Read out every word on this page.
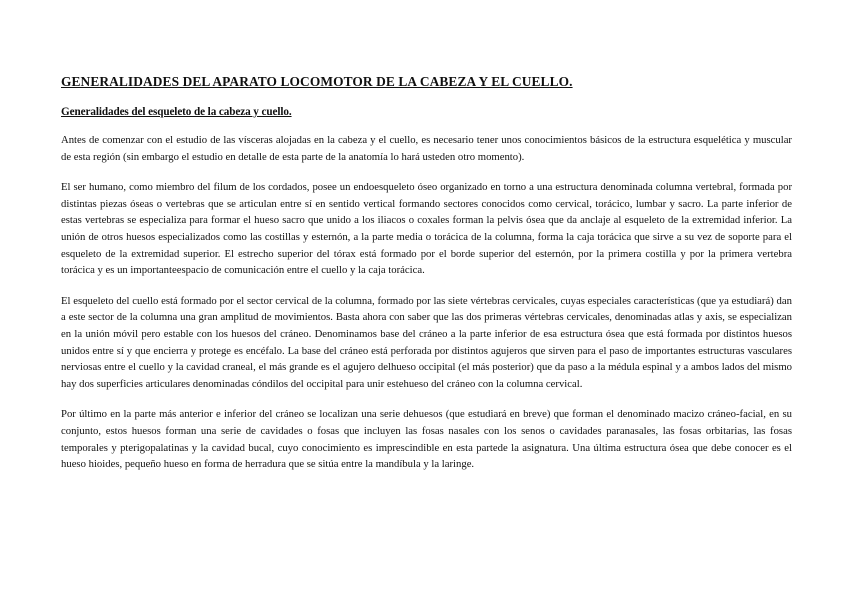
GENERALIDADES DEL APARATO LOCOMOTOR DE LA CABEZA Y EL CUELLO.
Generalidades del esqueleto de la cabeza y cuello.

Antes de comenzar con el estudio de las vísceras alojadas en la cabeza y el cuello, es necesario tener unos conocimientos básicos de la estructura esquelética y muscular de esta región (sin embargo el estudio en detalle de esta parte de la anatomía lo hará usteden otro momento).

El ser humano, como miembro del filum de los cordados, posee un endoesqueleto óseo organizado en torno a una estructura denominada columna vertebral, formada por distintas piezas óseas o vertebras que se articulan entre sí en sentido vertical formando sectores conocidos como cervical, torácico, lumbar y sacro. La parte inferior de estas vertebras se especializa para formar el hueso sacro que unido a los iliacos o coxales forman la pelvis ósea que da anclaje al esqueleto de la extremidad inferior. La unión de otros huesos especializados como las costillas y esternón, a la parte media o torácica de la columna, forma la caja torácica que sirve a su vez de soporte para el esqueleto de la extremidad superior. El estrecho superior del tórax está formado por el borde superior del esternón, por la primera costilla y por la primera vertebra torácica y es un importanteespacio de comunicación entre el cuello y la caja torácica.

El esqueleto del cuello está formado por el sector cervical de la columna, formado por las siete vértebras cervicales, cuyas especiales características (que ya estudiará) dan a este sector de la columna una gran amplitud de movimientos. Basta ahora con saber que las dos primeras vértebras cervicales, denominadas atlas y axis, se especializan en la unión móvil pero estable con los huesos del cráneo. Denominamos base del cráneo a la parte inferior de esa estructura ósea que está formada por distintos huesos unidos entre sí y que encierra y protege es encéfalo. La base del cráneo está perforada por distintos agujeros que sirven para el paso de importantes estructuras vasculares nerviosas entre el cuello y la cavidad craneal, el más grande es el agujero delhueso occipital (el más posterior) que da paso a la médula espinal y a ambos lados del mismo hay dos superficies articulares denominadas cóndilos del occipital para unir estehueso del cráneo con la columna cervical.

Por último en la parte más anterior e inferior del cráneo se localizan una serie dehuesos (que estudiará en breve) que forman el denominado macizo cráneo-facial, en su conjunto, estos huesos forman una serie de cavidades o fosas que incluyen las fosas nasales con los senos o cavidades paranasales, las fosas orbitarias, las fosas temporales y pterigopalatinas y la cavidad bucal, cuyo conocimiento es imprescindible en esta partede la asignatura. Una última estructura ósea que debe conocer es el hueso hioides, pequeño hueso en forma de herradura que se sitúa entre la mandíbula y la laringe.
